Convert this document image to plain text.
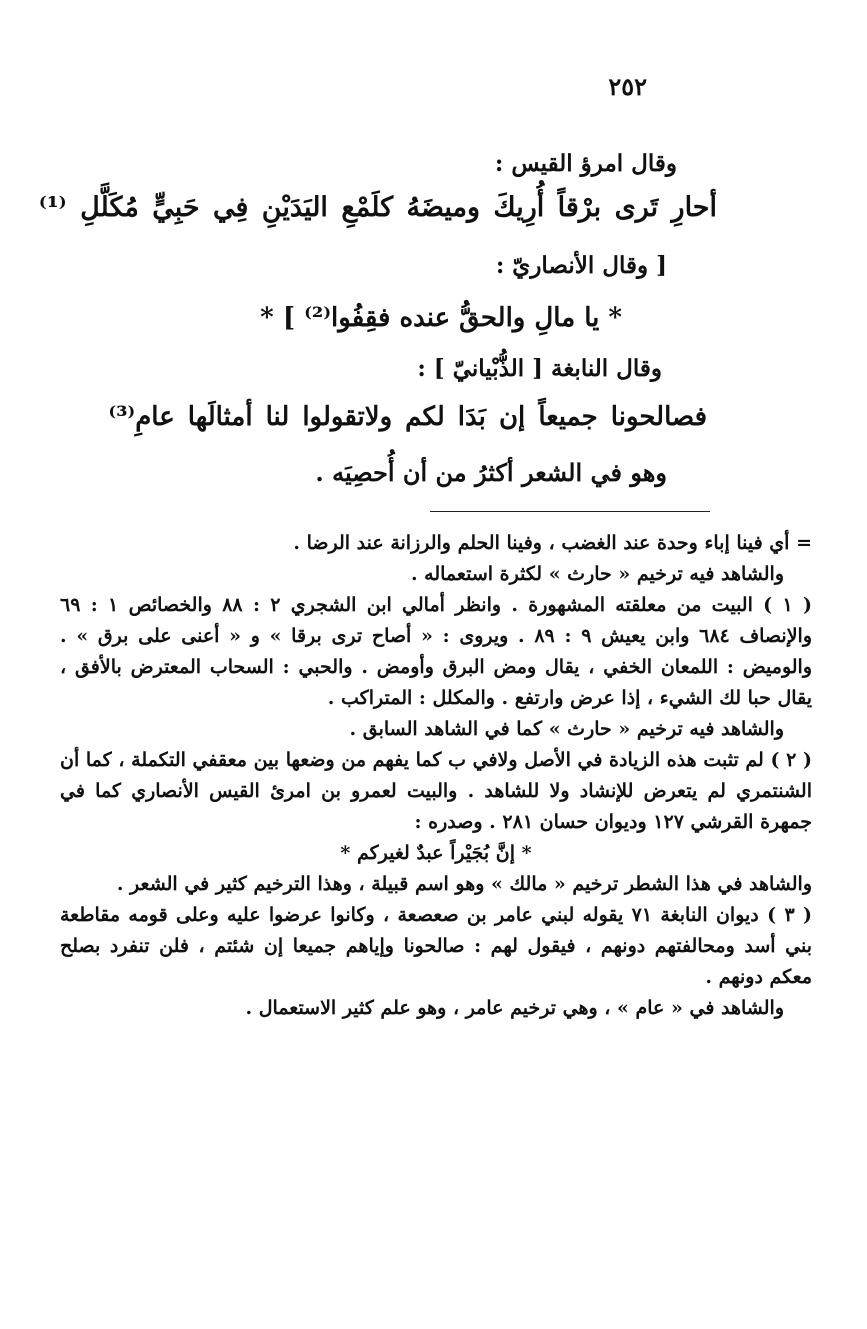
٢٥٢
وقال امرؤ القيس :
أحارِ تَرى برْقاً أُرِيكَ وميضَهُ كلَمْعِ اليَدَيْنِ فِي حَبِيٍّ مُكَلَّلِ ⁽¹⁾
[ وقال الأنصاريّ :
* يا مالِ والحقُّ عنده فقِفُوا⁽²⁾ ] *
وقال النابغة [ الذُّبْيانيّ ] :
فصالحونا جميعاً إن بَدَا لكم ولاتقولوا لنا أمثالَها عامِ⁽³⁾
وهو في الشعر أكثرُ من أن أُحصِيَه .

= أي فينا إباء وحدة عند الغضب ، وفينا الحلم والرزانة عند الرضا .

والشاهد فيه ترخيم « حارث » لكثرة استعماله .

( ١ ) البيت من معلقته المشهورة . وانظر أمالي ابن الشجري ٢ : ٨٨ والخصائص ١ : ٦٩ والإنصاف ٦٨٤ وابن يعيش ٩ : ٨٩ . ويروى : « أصاح ترى برقا » و « أعنى على برق » . والوميض : اللمعان الخفي ، يقال ومض البرق وأومض . والحبي : السحاب المعترض بالأفق ، يقال حبا لك الشيء ، إذا عرض وارتفع . والمكلل : المتراكب .

والشاهد فيه ترخيم « حارث » كما في الشاهد السابق .

( ٢ ) لم تثبت هذه الزيادة في الأصل ولافي ب كما يفهم من وضعها بين معقفي التكملة ، كما أن الشنتمري لم يتعرض للإنشاد ولا للشاهد . والبيت لعمرو بن امرئ القيس الأنصاري كما في جمهرة القرشي ١٢٧ وديوان حسان ٢٨١ . وصدره :

* إنَّ بُجَيْراً عبدٌ لغيركم *

والشاهد في هذا الشطر ترخيم « مالك » وهو اسم قبيلة ، وهذا الترخيم كثير في الشعر .

( ٣ ) ديوان النابغة ٧١ يقوله لبني عامر بن صعصعة ، وكانوا عرضوا عليه وعلى قومه مقاطعة بني أسد ومحالفتهم دونهم ، فيقول لهم : صالحونا وإياهم جميعا إن شئتم ، فلن تنفرد بصلح معكم دونهم .

والشاهد في « عام » ، وهي ترخيم عامر ، وهو علم كثير الاستعمال .
